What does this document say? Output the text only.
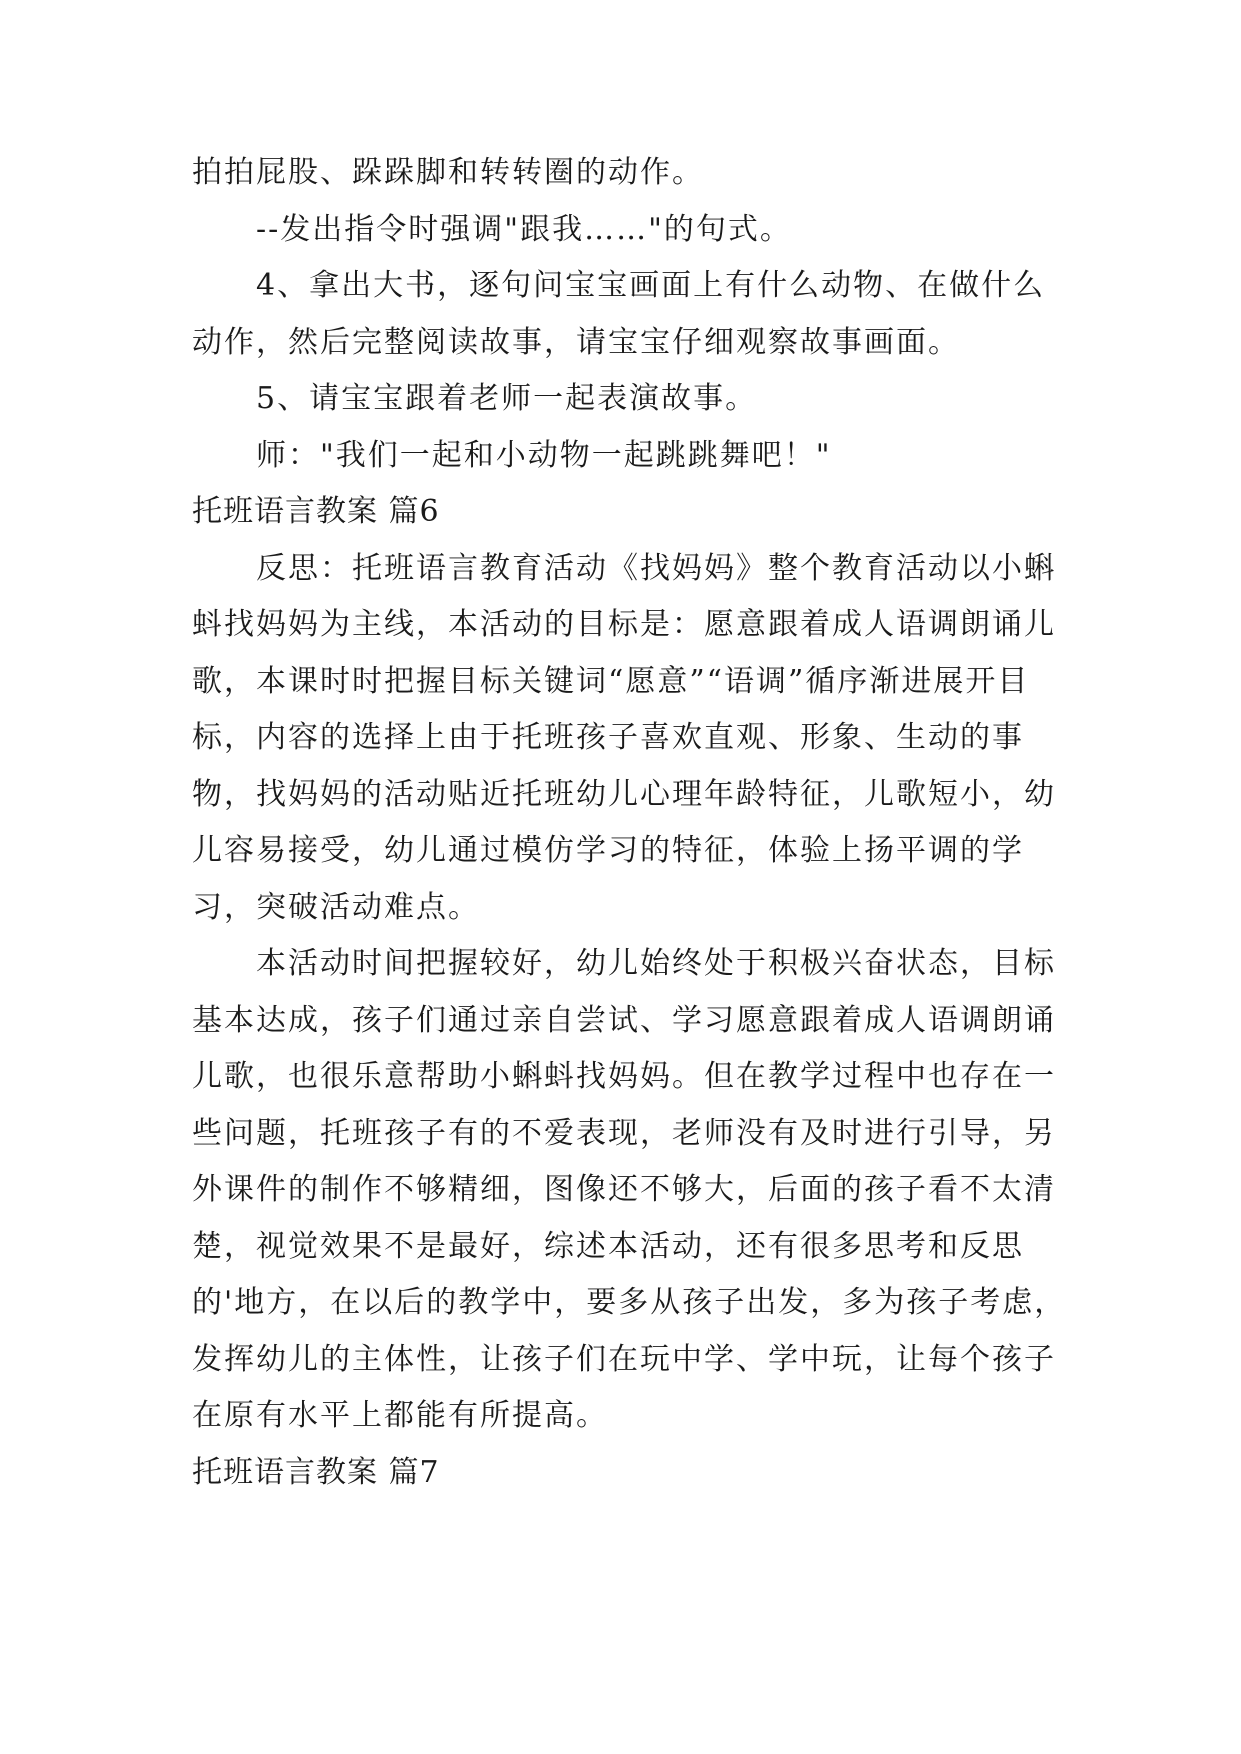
拍拍屁股、跺跺脚和转转圈的动作。

--发出指令时强调"跟我……"的句式。

4、拿出大书，逐句问宝宝画面上有什么动物、在做什么动作，然后完整阅读故事，请宝宝仔细观察故事画面。

5、请宝宝跟着老师一起表演故事。

师："我们一起和小动物一起跳跳舞吧！"

托班语言教案 篇6

反思：托班语言教育活动《找妈妈》整个教育活动以小蝌蚪找妈妈为主线，本活动的目标是：愿意跟着成人语调朗诵儿歌，本课时时把握目标关键词“愿意”“语调”循序渐进展开目标，内容的选择上由于托班孩子喜欢直观、形象、生动的事物，找妈妈的活动贴近托班幼儿心理年龄特征，儿歌短小，幼儿容易接受，幼儿通过模仿学习的特征，体验上扬平调的学习，突破活动难点。

本活动时间把握较好，幼儿始终处于积极兴奋状态，目标基本达成，孩子们通过亲自尝试、学习愿意跟着成人语调朗诵儿歌，也很乐意帮助小蝌蚪找妈妈。但在教学过程中也存在一些问题，托班孩子有的不爱表现，老师没有及时进行引导，另外课件的制作不够精细，图像还不够大，后面的孩子看不太清楚，视觉效果不是最好，综述本活动，还有很多思考和反思的'地方，在以后的教学中，要多从孩子出发，多为孩子考虑，发挥幼儿的主体性，让孩子们在玩中学、学中玩，让每个孩子在原有水平上都能有所提高。

托班语言教案 篇7
